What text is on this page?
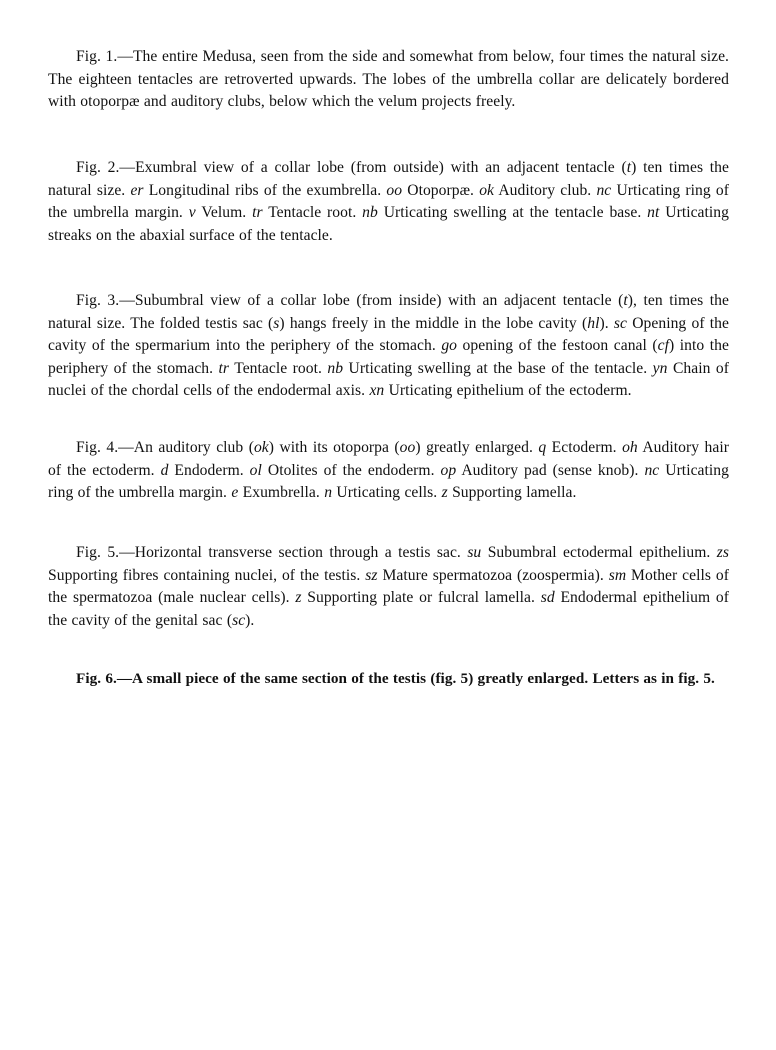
Fig. 1.—The entire Medusa, seen from the side and somewhat from below, four times the natural size. The eighteen tentacles are retroverted upwards. The lobes of the umbrella collar are delicately bordered with otoporpæ and auditory clubs, below which the velum projects freely.

Fig. 2.—Exumbral view of a collar lobe (from outside) with an adjacent tentacle (t) ten times the natural size. er Longitudinal ribs of the exumbrella. oo Otoporpæ. ok Auditory club. nc Urticating ring of the umbrella margin. v Velum. tr Tentacle root. nb Urticating swelling at the tentacle base. nt Urticating streaks on the abaxial surface of the tentacle.

Fig. 3.—Subumbral view of a collar lobe (from inside) with an adjacent tentacle (t), ten times the natural size. The folded testis sac (s) hangs freely in the middle in the lobe cavity (hl). sc Opening of the cavity of the spermarium into the periphery of the stomach. go opening of the festoon canal (cf) into the periphery of the stomach. tr Tentacle root. nb Urticating swelling at the base of the tentacle. yn Chain of nuclei of the chordal cells of the endodermal axis. xn Urticating epithelium of the ectoderm.

Fig. 4.—An auditory club (ok) with its otoporpa (oo) greatly enlarged. q Ectoderm. oh Auditory hair of the ectoderm. d Endoderm. ol Otolites of the endoderm. op Auditory pad (sense knob). nc Urticating ring of the umbrella margin. e Exumbrella. n Urticating cells. z Supporting lamella.

Fig. 5.—Horizontal transverse section through a testis sac. su Subumbral ectodermal epithelium. zs Supporting fibres containing nuclei, of the testis. sz Mature spermatozoa (zoospermia). sm Mother cells of the spermatozoa (male nuclear cells). z Supporting plate or fulcral lamella. sd Endodermal epithelium of the cavity of the genital sac (sc).

Fig. 6.—A small piece of the same section of the testis (fig. 5) greatly enlarged. Letters as in fig. 5.
